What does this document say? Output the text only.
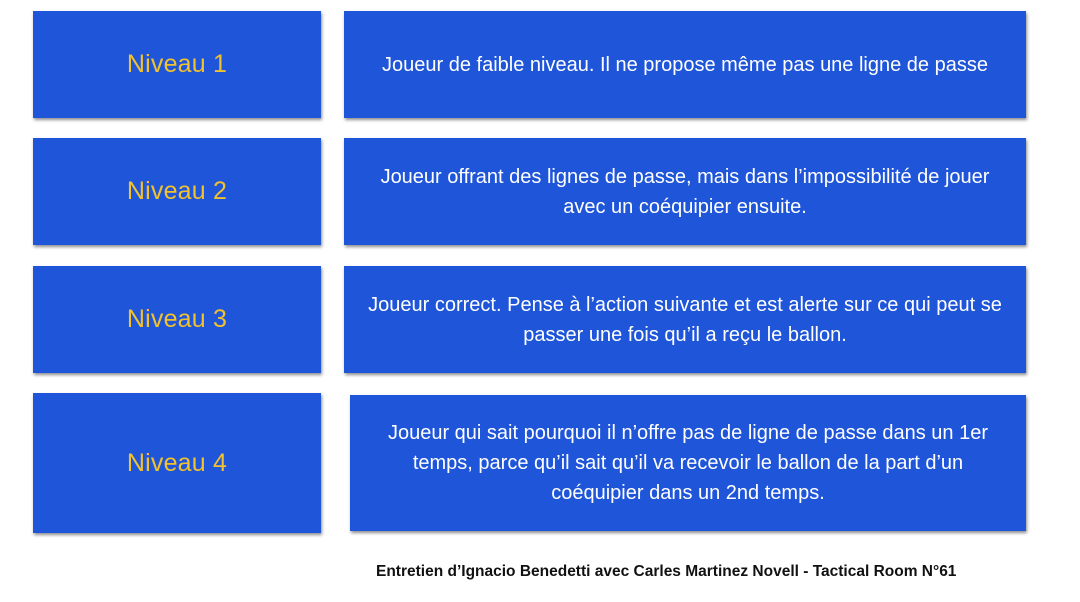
Niveau 1	Joueur de faible niveau. Il ne propose même pas une ligne de passe
Niveau 2
Joueur offrant des lignes de passe, mais dans l’impossibilité de jouer avec un coéquipier ensuite.
Niveau 3
Joueur correct. Pense à l’action suivante et est alerte sur ce qui peut se passer une fois qu’il a reçu le ballon.
Niveau 4
Joueur qui sait pourquoi il n’offre pas de ligne de passe dans un 1er temps, parce qu’il sait qu’il va recevoir le ballon de la part d’un coéquipier dans un 2nd temps.
Entretien d’Ignacio Benedetti avec Carles Martinez Novell - Tactical Room N°61
